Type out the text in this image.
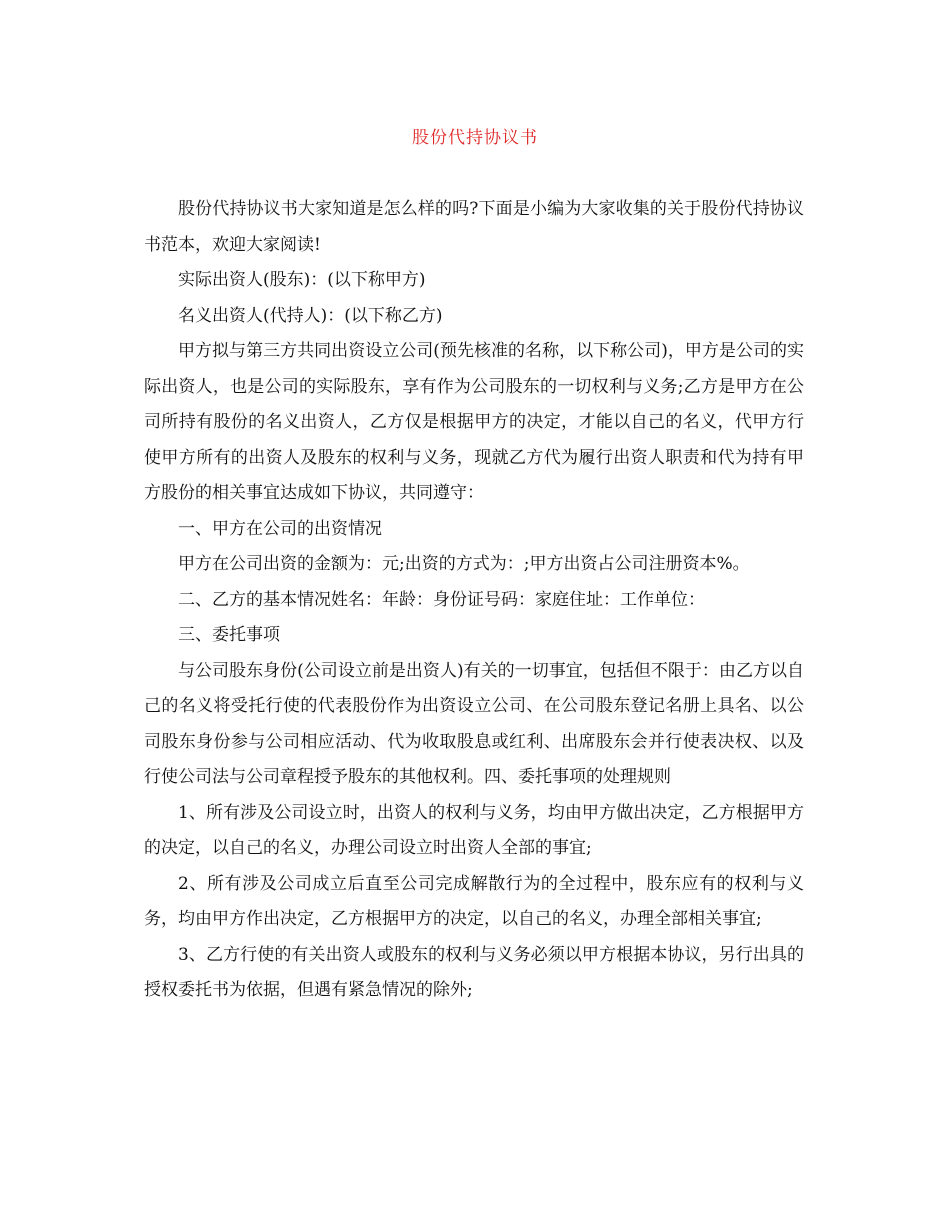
股份代持协议书

股份代持协议书大家知道是怎么样的吗?下面是小编为大家收集的关于股份代持协议书范本，欢迎大家阅读!

实际出资人(股东)：(以下称甲方)

名义出资人(代持人)：(以下称乙方)

甲方拟与第三方共同出资设立公司(预先核准的名称，以下称公司)，甲方是公司的实际出资人，也是公司的实际股东，享有作为公司股东的一切权利与义务;乙方是甲方在公司所持有股份的名义出资人，乙方仅是根据甲方的决定，才能以自己的名义，代甲方行使甲方所有的出资人及股东的权利与义务，现就乙方代为履行出资人职责和代为持有甲方股份的相关事宜达成如下协议，共同遵守：

一、甲方在公司的出资情况

甲方在公司出资的金额为：元;出资的方式为：;甲方出资占公司注册资本%。

二、乙方的基本情况姓名：年龄：身份证号码：家庭住址：工作单位：

三、委托事项

与公司股东身份(公司设立前是出资人)有关的一切事宜，包括但不限于：由乙方以自己的名义将受托行使的代表股份作为出资设立公司、在公司股东登记名册上具名、以公司股东身份参与公司相应活动、代为收取股息或红利、出席股东会并行使表决权、以及行使公司法与公司章程授予股东的其他权利。四、委托事项的处理规则

1、所有涉及公司设立时，出资人的权利与义务，均由甲方做出决定，乙方根据甲方的决定，以自己的名义，办理公司设立时出资人全部的事宜;

2、所有涉及公司成立后直至公司完成解散行为的全过程中，股东应有的权利与义务，均由甲方作出决定，乙方根据甲方的决定，以自己的名义，办理全部相关事宜;

3、乙方行使的有关出资人或股东的权利与义务必须以甲方根据本协议，另行出具的授权委托书为依据，但遇有紧急情况的除外;
